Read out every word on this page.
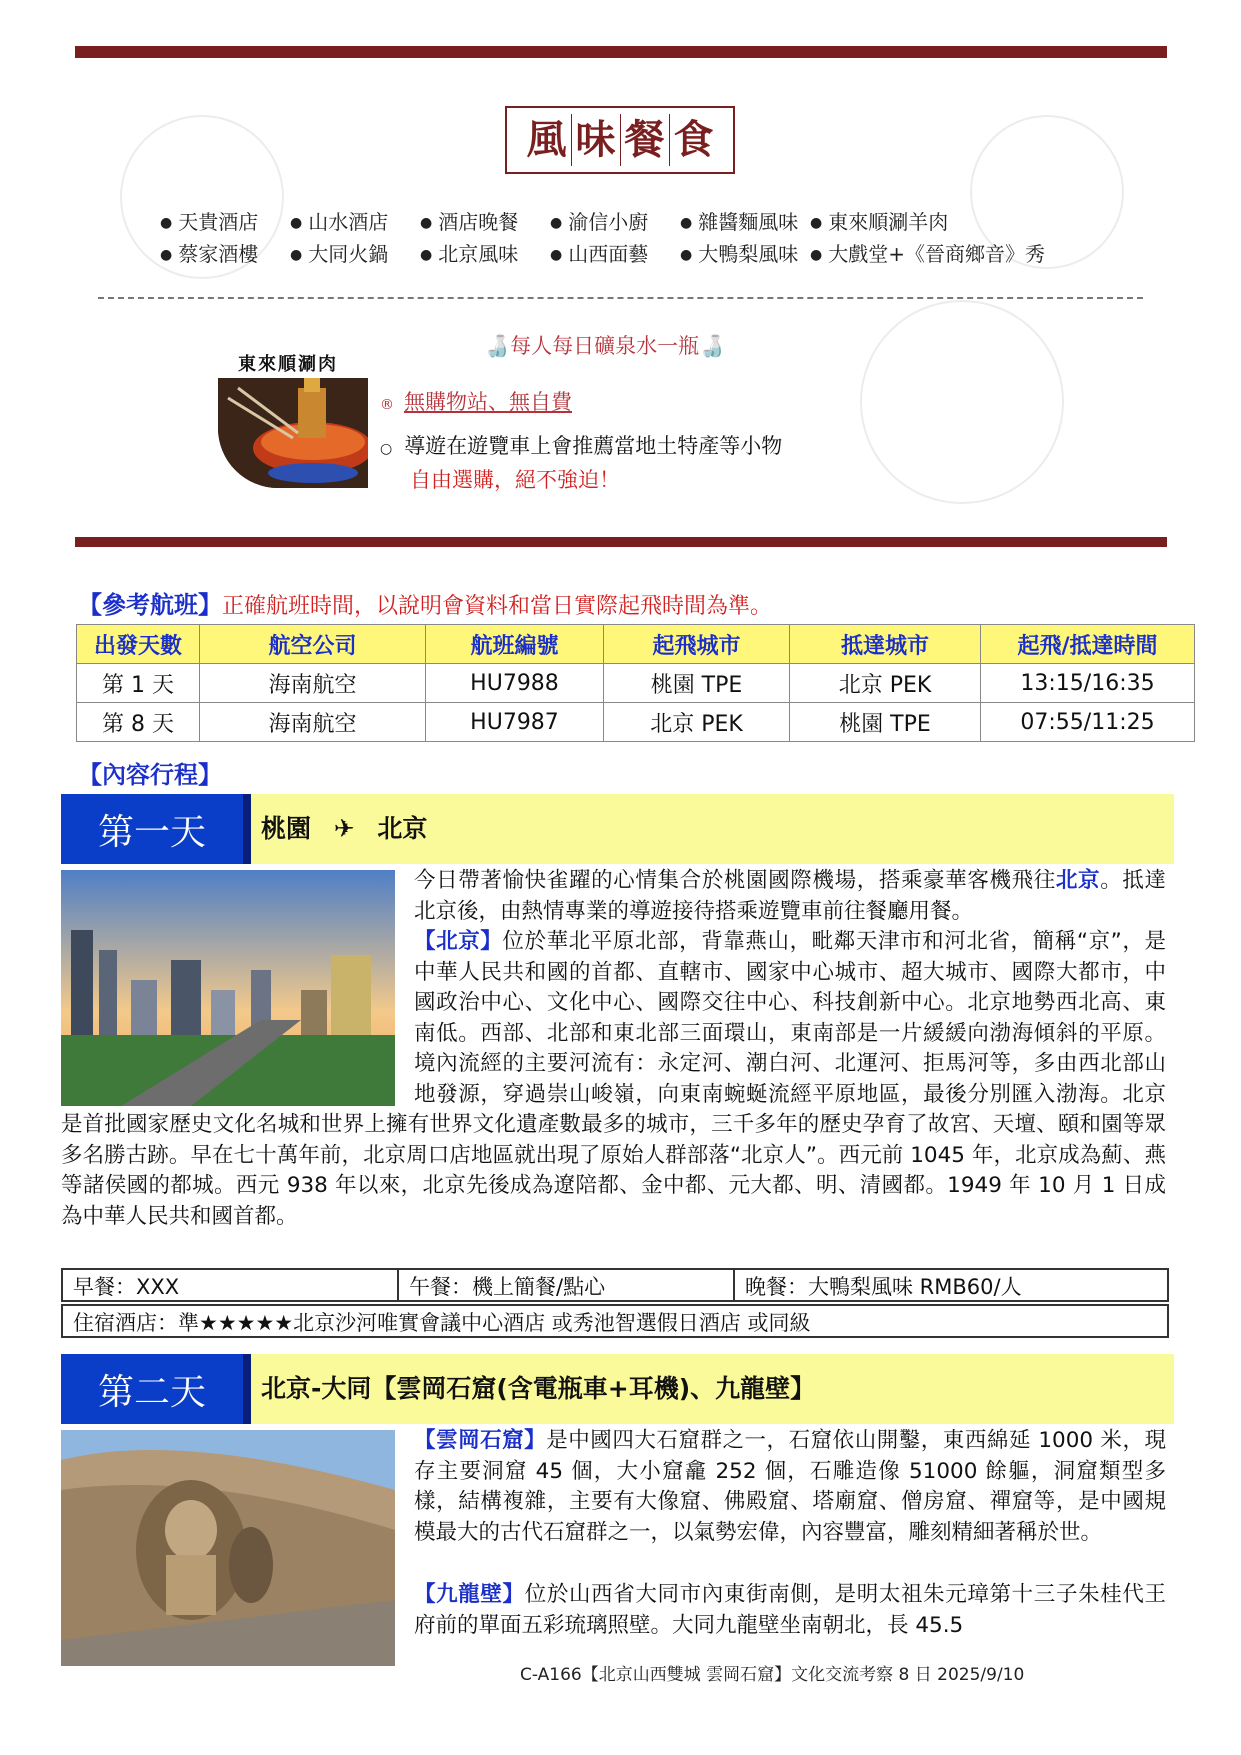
風 味 餐 食
● 天貴酒店	● 山水酒店	● 酒店晚餐	● 渝信小廚	● 雜醬麵風味	● 東來順涮羊肉
● 蔡家酒樓	● 大同火鍋	● 北京風味	● 山西面藝	● 大鴨梨風味	● 大戲堂+《晉商鄉音》秀
東來順涮肉
🍶每人每日礦泉水一瓶🍶
® 無購物站、無自費
○ 導遊在遊覽車上會推薦當地土特產等小物
自由選購，絕不強迫！
【參考航班】正確航班時間，以說明會資料和當日實際起飛時間為準。
出發天數	航空公司	航班編號	起飛城市	抵達城市	起飛/抵達時間
第 1 天	海南航空	HU7988	桃園 TPE	北京 PEK	13:15/16:35
第 8 天	海南航空	HU7987	北京 PEK	桃園 TPE	07:55/11:25
【內容行程】
第一天	桃園 ✈ 北京
今日帶著愉快雀躍的心情集合於桃園國際機場，搭乘豪華客機飛往北京。抵達北京後，由熱情專業的導遊接待搭乘遊覽車前往餐廳用餐。
【北京】位於華北平原北部，背靠燕山，毗鄰天津市和河北省，簡稱“京”，是中華人民共和國的首都、直轄市、國家中心城市、超大城市、國際大都市，中國政治中心、文化中心、國際交往中心、科技創新中心。北京地勢西北高、東南低。西部、北部和東北部三面環山，東南部是一片緩緩向渤海傾斜的平原。境內流經的主要河流有：永定河、潮白河、北運河、拒馬河等，多由西北部山地發源，穿過崇山峻嶺，向東南蜿蜒流經平原地區，最後分別匯入渤海。北京是首批國家歷史文化名城和世界上擁有世界文化遺產數最多的城市，三千多年的歷史孕育了故宮、天壇、頤和園等眾多名勝古跡。早在七十萬年前，北京周口店地區就出現了原始人群部落“北京人”。西元前 1045 年，北京成為薊、燕等諸侯國的都城。西元 938 年以來，北京先後成為遼陪都、金中都、元大都、明、清國都。1949 年 10 月 1 日成為中華人民共和國首都。
早餐：XXX	午餐：機上簡餐/點心	晚餐：大鴨梨風味 RMB60/人
住宿酒店：準★★★★★北京沙河唯實會議中心酒店 或秀池智選假日酒店 或同級
第二天	北京-大同【雲岡石窟(含電瓶車+耳機)、九龍壁】
【雲岡石窟】是中國四大石窟群之一，石窟依山開鑿，東西綿延 1000 米，現存主要洞窟 45 個，大小窟龕 252 個，石雕造像 51000 餘軀，洞窟類型多樣，結構複雜，主要有大像窟、佛殿窟、塔廟窟、僧房窟、禪窟等，是中國規模最大的古代石窟群之一，以氣勢宏偉，內容豐富，雕刻精細著稱於世。
【九龍壁】位於山西省大同市內東街南側，是明太祖朱元璋第十三子朱桂代王府前的單面五彩琉璃照壁。大同九龍壁坐南朝北，長 45.5
C-A166【北京山西雙城 雲岡石窟】文化交流考察 8 日 2025/9/10
